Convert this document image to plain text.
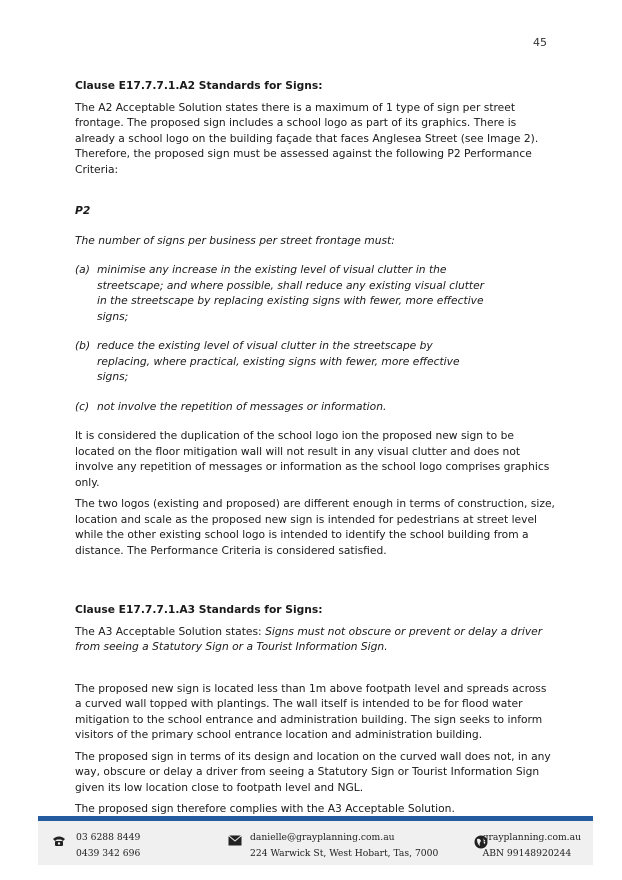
45

Clause E17.7.7.1.A2 Standards for Signs:

The A2 Acceptable Solution states there is a maximum of 1 type of sign per street frontage. The proposed sign includes a school logo as part of its graphics. There is already a school logo on the building façade that faces Anglesea Street (see Image 2).
Therefore, the proposed sign must be assessed against the following P2 Performance Criteria:

P2

The number of signs per business per street frontage must:

(a) minimise any increase in the existing level of visual clutter in the streetscape; and where possible, shall reduce any existing visual clutter in the streetscape by replacing existing signs with fewer, more effective signs;
(b) reduce the existing level of visual clutter in the streetscape by replacing, where practical, existing signs with fewer, more effective signs;
(c) not involve the repetition of messages or information.

It is considered the duplication of the school logo ion the proposed new sign to be located on the floor mitigation wall will not result in any visual clutter and does not involve any repetition of messages or information as the school logo comprises graphics only.

The two logos (existing and proposed) are different enough in terms of construction, size, location and scale as the proposed new sign is intended for pedestrians at street level while the other existing school logo is intended to identify the school building from a distance. The Performance Criteria is considered satisfied.

Clause E17.7.7.1.A3 Standards for Signs:

The A3 Acceptable Solution states: Signs must not obscure or prevent or delay a driver from seeing a Statutory Sign or a Tourist Information Sign.

The proposed new sign is located less than 1m above footpath level and spreads across a curved wall topped with plantings. The wall itself is intended to be for flood water mitigation to the school entrance and administration building. The sign seeks to inform visitors of the primary school entrance location and administration building.

The proposed sign in terms of its design and location on the curved wall does not, in any way, obscure or delay a driver from seeing a Statutory Sign or Tourist Information Sign given its low location close to footpath level and NGL.

The proposed sign therefore complies with the A3 Acceptable Solution.

03 6288 8449
0439 342 696
danielle@grayplanning.com.au
224 Warwick St, West Hobart, Tas, 7000
grayplanning.com.au
ABN 9914892024​4
